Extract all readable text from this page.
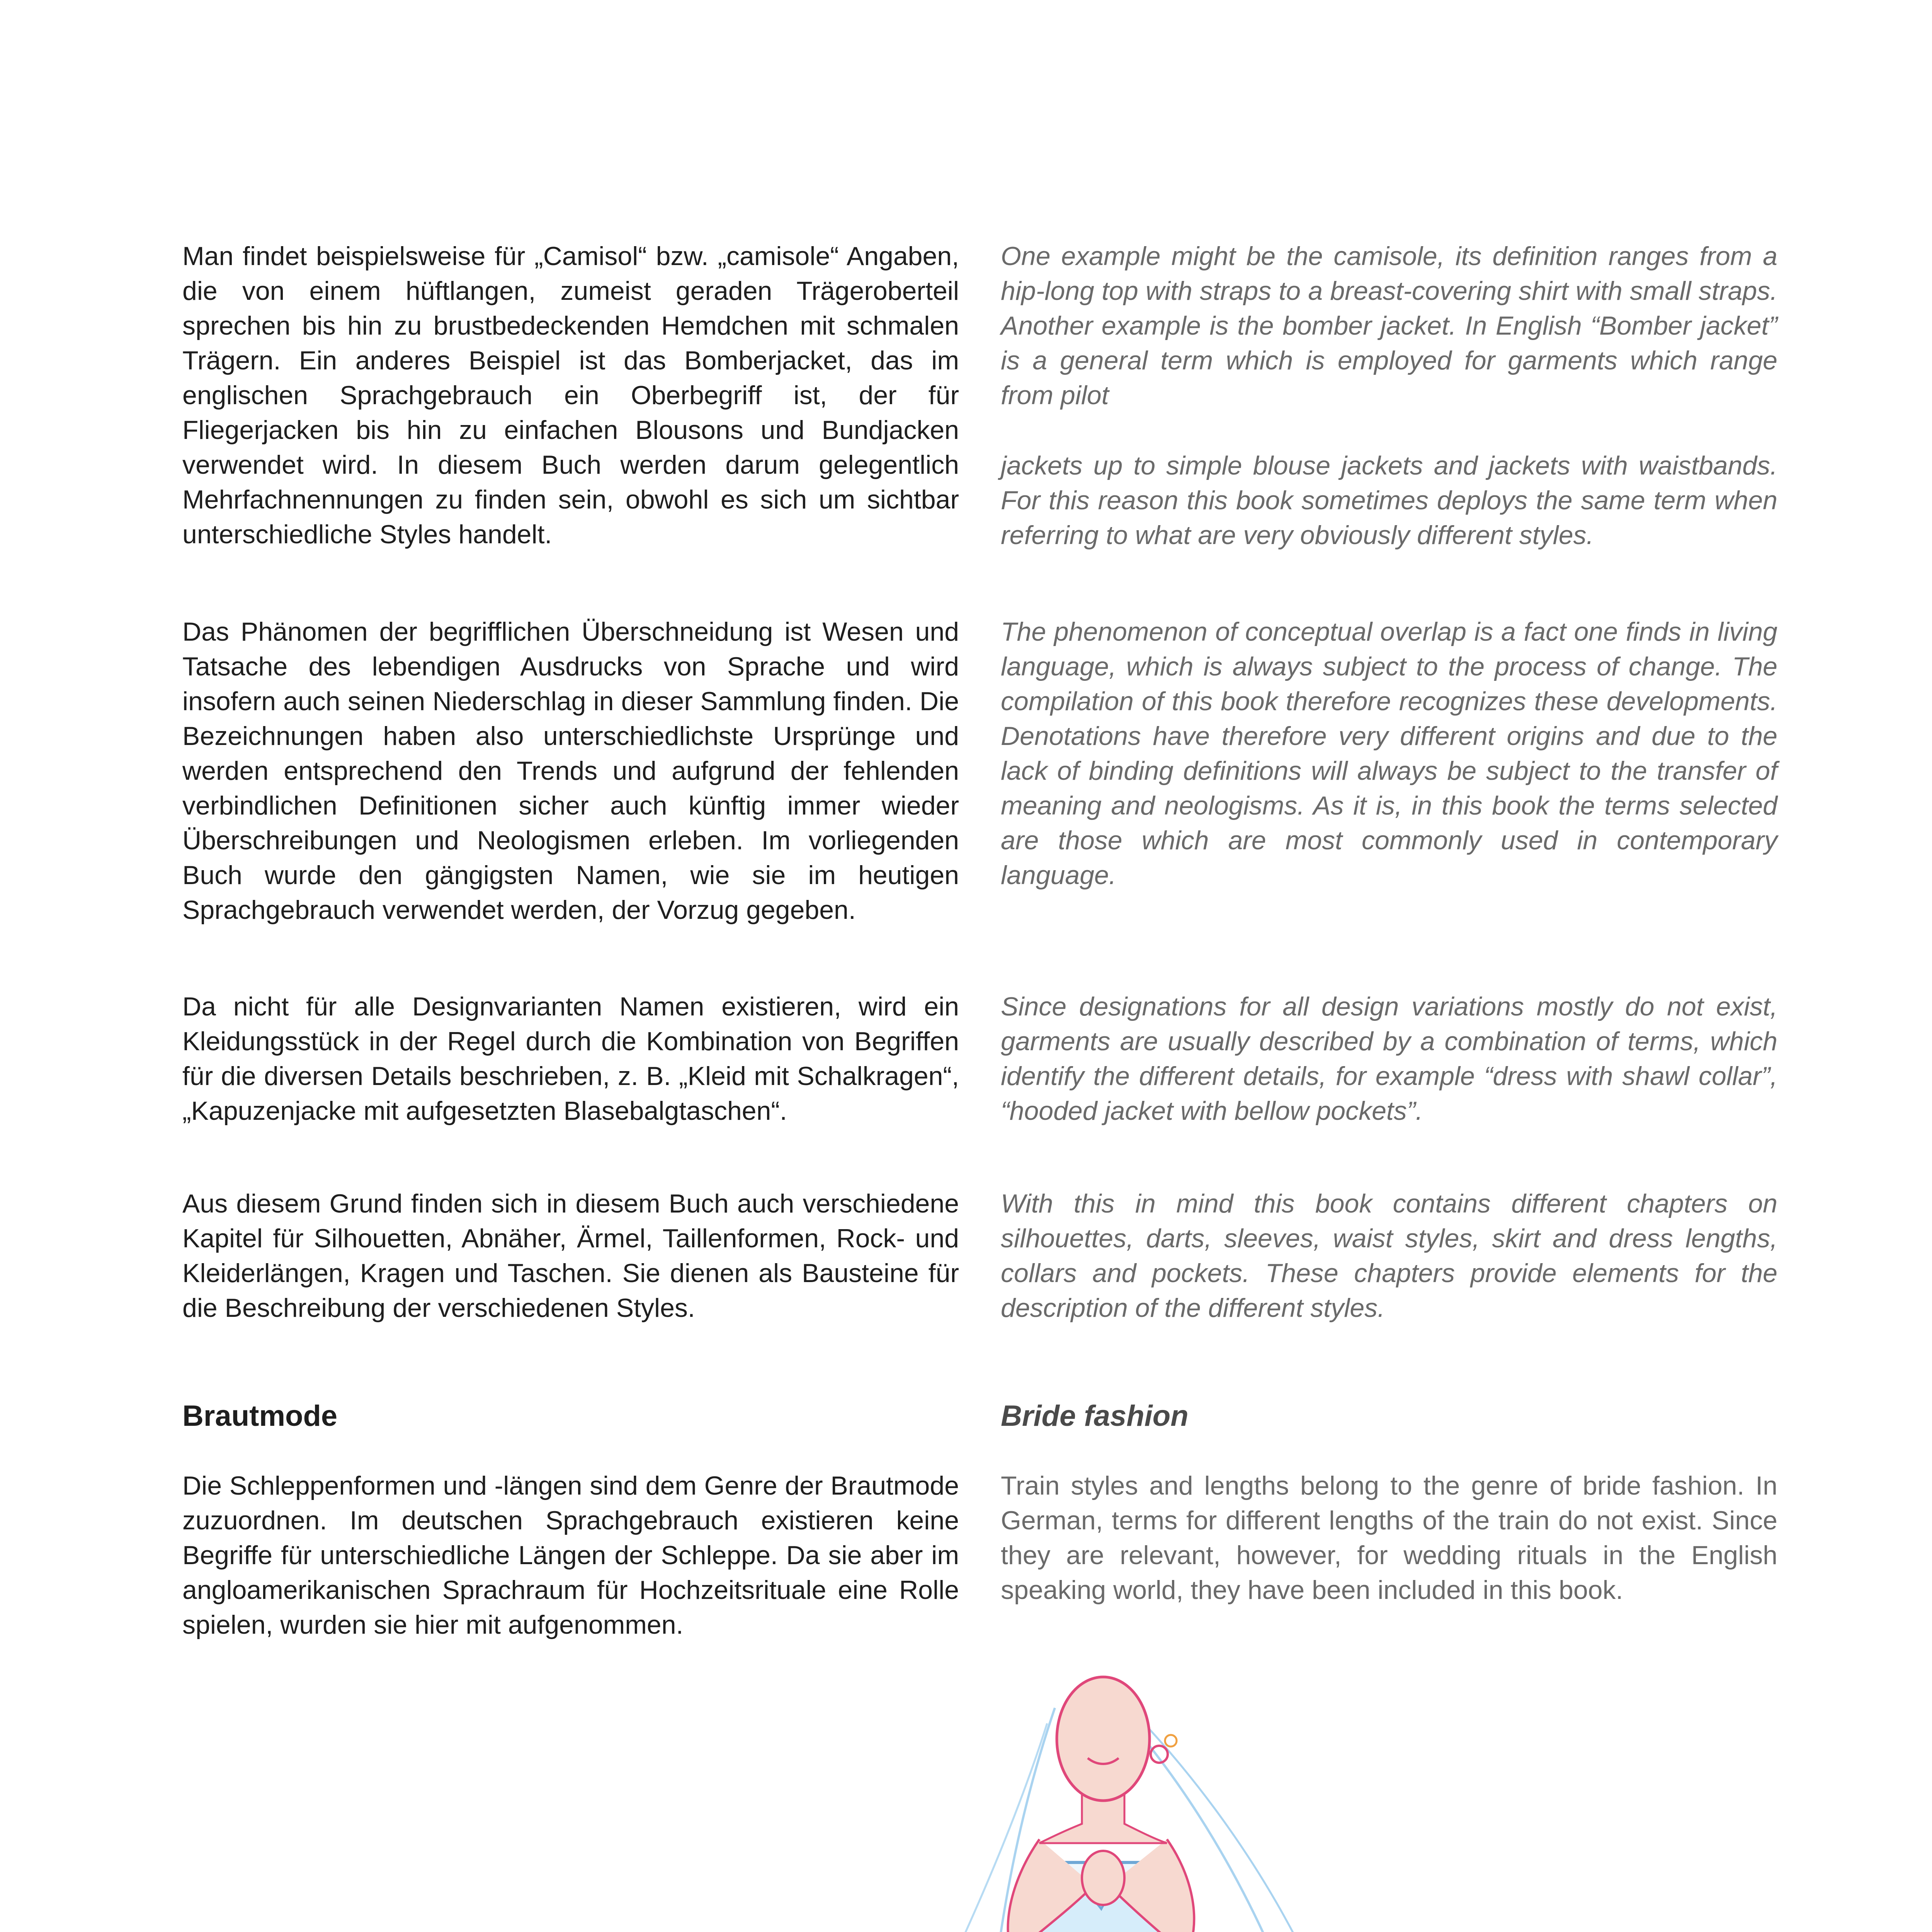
Man findet beispielsweise für „Camisol“ bzw. „camisole“ Angaben, die von einem hüftlangen, zumeist geraden Trägeroberteil sprechen bis hin zu brustbedeckenden Hemdchen mit schmalen Trägern. Ein anderes Beispiel ist das Bomberjacket, das im englischen Sprachgebrauch ein Oberbegriff ist, der für Fliegerjacken bis hin zu einfachen Blousons und Bundjacken verwendet wird. In diesem Buch werden darum gelegentlich Mehrfachnennungen zu finden sein, obwohl es sich um sichtbar unterschiedliche Styles handelt.

Das Phänomen der begrifflichen Überschneidung ist Wesen und Tatsache des lebendigen Ausdrucks von Sprache und wird insofern auch seinen Niederschlag in dieser Sammlung finden. Die Bezeichnungen haben also unterschiedlichste Ursprünge und werden entsprechend den Trends und aufgrund der fehlenden verbindlichen Definitionen sicher auch künftig immer wieder Überschreibungen und Neologismen erleben. Im vorliegenden Buch wurde den gängigsten Namen, wie sie im heutigen Sprachgebrauch verwendet werden, der Vorzug gegeben.

Da nicht für alle Designvarianten Namen existieren, wird ein Kleidungsstück in der Regel durch die Kombination von Begriffen für die diversen Details beschrieben, z. B. „Kleid mit Schalkragen“, „Kapuzenjacke mit aufgesetzten Blasebalgtaschen“.

Aus diesem Grund finden sich in diesem Buch auch verschiedene Kapitel für Silhouetten, Abnäher, Ärmel, Taillenformen, Rock- und Kleiderlängen, Kragen und Taschen. Sie dienen als Bausteine für die Beschreibung der verschiedenen Styles.

Brautmode

Die Schleppenformen und -längen sind dem Genre der Brautmode zuzuordnen. Im deutschen Sprachgebrauch existieren keine Begriffe für unterschiedliche Längen der Schleppe. Da sie aber im angloamerikanischen Sprachraum für Hochzeitsrituale eine Rolle spielen, wurden sie hier mit aufgenommen.

One example might be the camisole, its definition ranges from a hip-long top with straps to a breast-covering shirt with small straps. Another example is the bomber jacket. In English “Bomber jacket” is a general term which is employed for garments which range from pilot

jackets up to simple blouse jackets and jackets with waistbands. For this reason this book sometimes deploys the same term when referring to what are very obviously different styles.

The phenomenon of conceptual overlap is a fact one finds in living language, which is always subject to the process of change. The compilation of this book therefore recognizes these developments. Denotations have therefore very different origins and due to the lack of binding definitions will always be subject to the transfer of meaning and neologisms. As it is, in this book the terms selected are those which are most commonly used in contemporary language.

Since designations for all design variations mostly do not exist, garments are usually described by a combination of terms, which identify the different details, for example “dress with shawl collar”, “hooded jacket with bellow pockets”.

With this in mind this book contains different chapters on silhouettes, darts, sleeves, waist styles, skirt and dress lengths, collars and pockets. These chapters provide elements for the description of the different styles.

Bride fashion

Train styles and lengths belong to the genre of bride fashion. In German, terms for different lengths of the train do not exist. Since they are relevant, however, for wedding rituals in the English speaking world, they have been included in this book.
